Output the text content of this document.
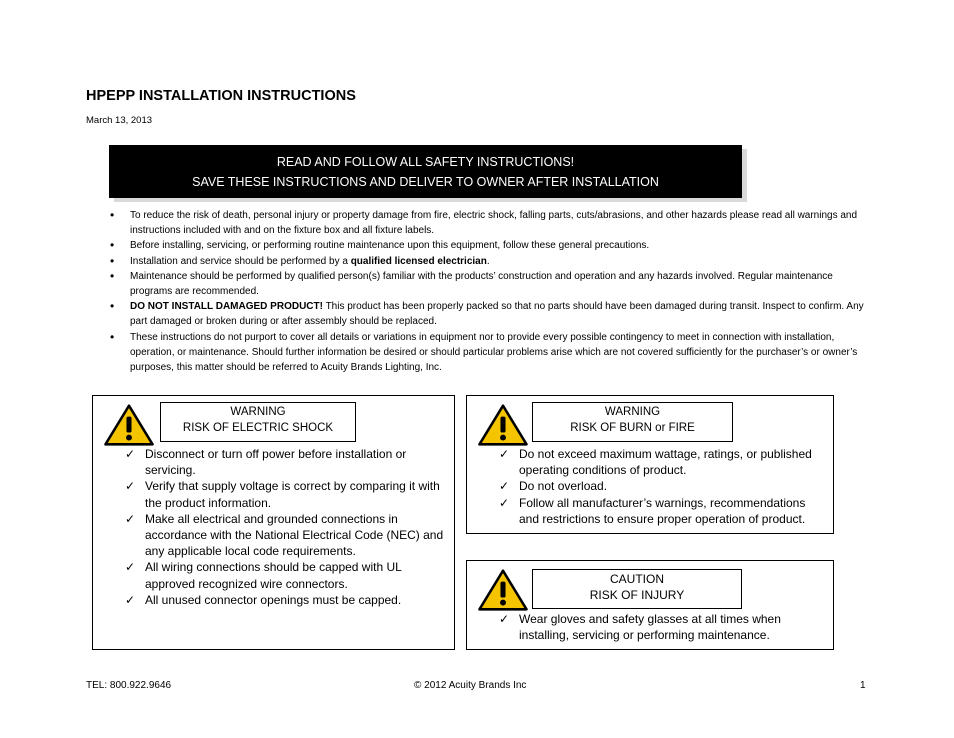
HPEPP INSTALLATION INSTRUCTIONS
March 13, 2013
READ AND FOLLOW ALL SAFETY INSTRUCTIONS!
SAVE THESE INSTRUCTIONS AND DELIVER TO OWNER AFTER INSTALLATION
• To reduce the risk of death, personal injury or property damage from fire, electric shock, falling parts, cuts/abrasions, and other hazards please read all warnings and instructions included with and on the fixture box and all fixture labels.
• Before installing, servicing, or performing routine maintenance upon this equipment, follow these general precautions.
• Installation and service should be performed by a qualified licensed electrician.
• Maintenance should be performed by qualified person(s) familiar with the products’ construction and operation and any hazards involved. Regular maintenance programs are recommended.
• DO NOT INSTALL DAMAGED PRODUCT! This product has been properly packed so that no parts should have been damaged during transit. Inspect to confirm. Any part damaged or broken during or after assembly should be replaced.
• These instructions do not purport to cover all details or variations in equipment nor to provide every possible contingency to meet in connection with installation, operation, or maintenance. Should further information be desired or should particular problems arise which are not covered sufficiently for the purchaser’s or owner’s purposes, this matter should be referred to Acuity Brands Lighting, Inc.
WARNING
RISK OF ELECTRIC SHOCK
✓ Disconnect or turn off power before installation or servicing.
✓ Verify that supply voltage is correct by comparing it with the product information.
✓ Make all electrical and grounded connections in accordance with the National Electrical Code (NEC) and any applicable local code requirements.
✓ All wiring connections should be capped with UL approved recognized wire connectors.
✓ All unused connector openings must be capped.
WARNING
RISK OF BURN or FIRE
✓ Do not exceed maximum wattage, ratings, or published operating conditions of product.
✓ Do not overload.
✓ Follow all manufacturer’s warnings, recommendations and restrictions to ensure proper operation of product.
CAUTION
RISK OF INJURY
✓ Wear gloves and safety glasses at all times when installing, servicing or performing maintenance.
TEL: 800.922.9646	© 2012 Acuity Brands Inc	1
